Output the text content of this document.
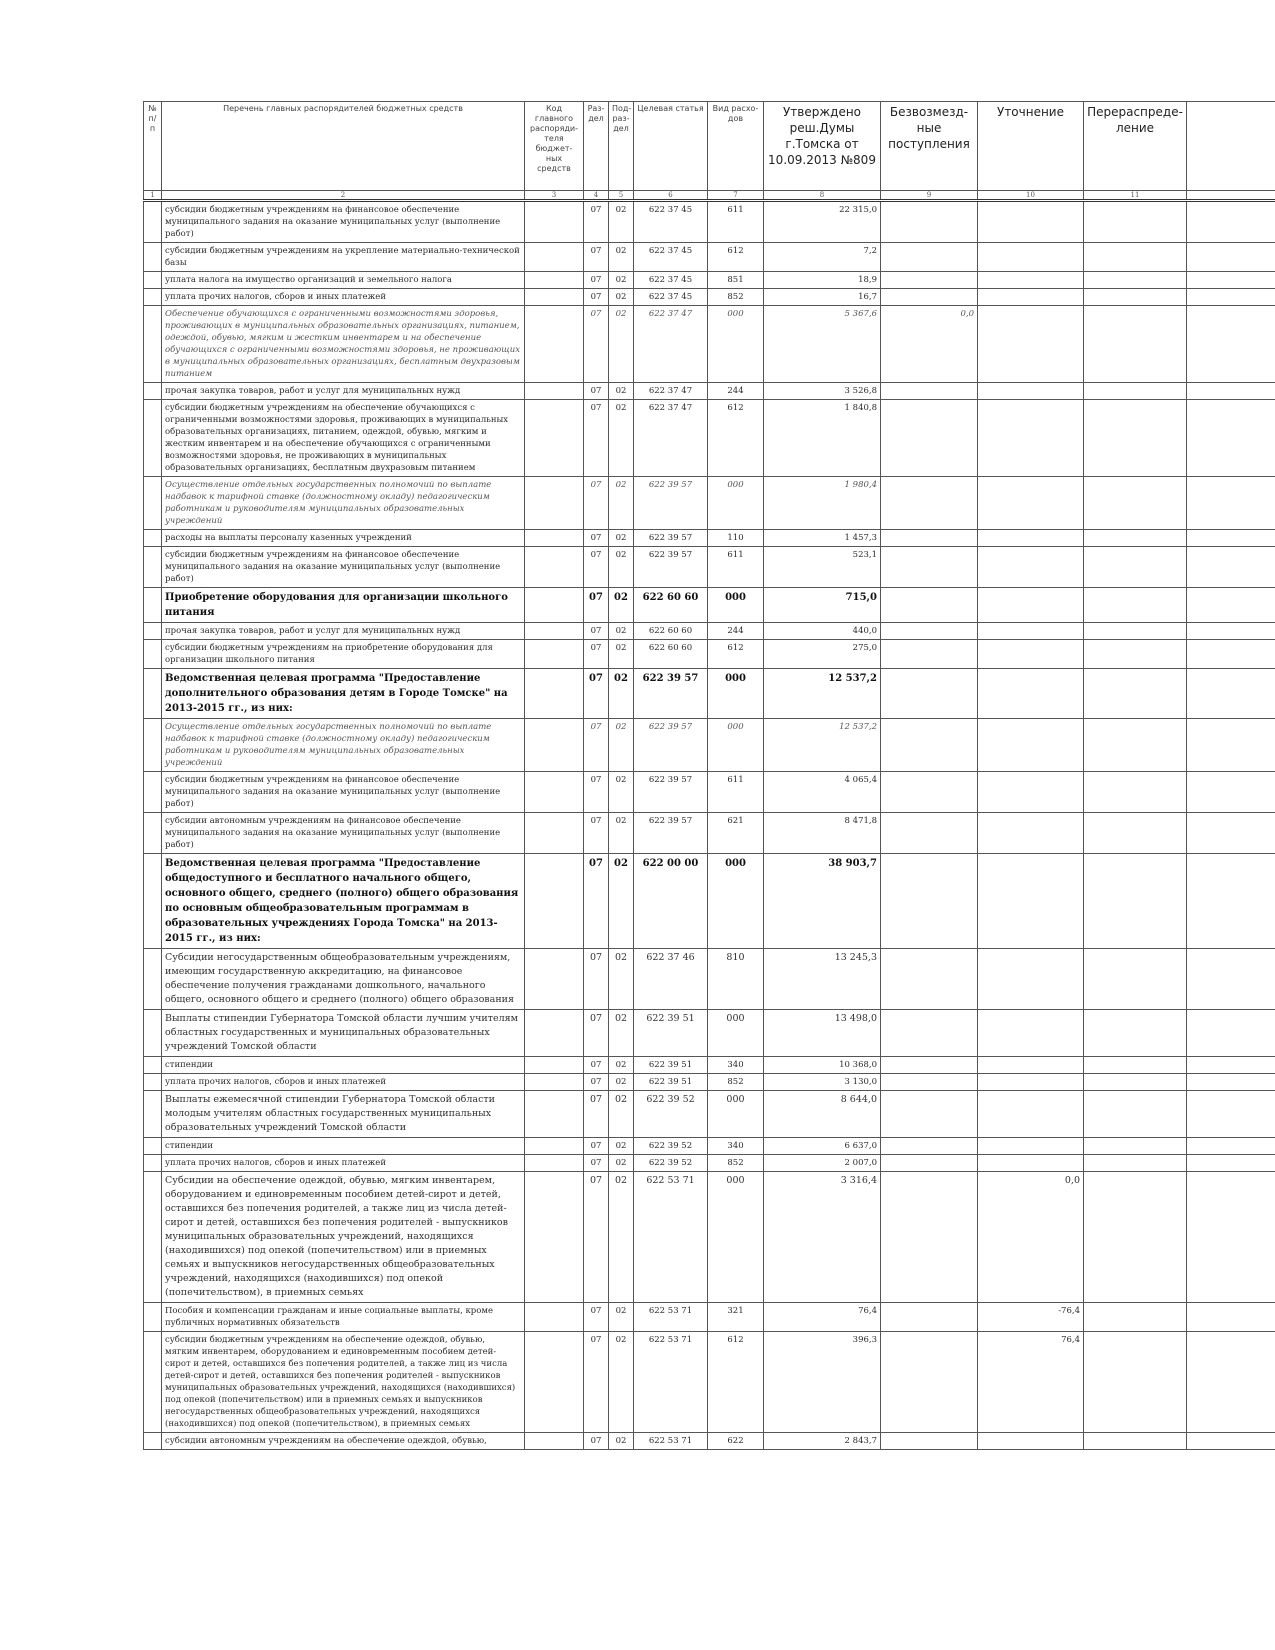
№ п/п	Перечень главных распорядителей бюджетных средств	Код главного распоряди-теля бюджет-ных средств	Раз-дел	Под-раз-дел	Целевая статья	Вид расхо-дов	Утверждено реш.Думы г.Томска от 10.09.2013 №809	Безвозмезд-ные поступления	Уточнение	Перераспреде-ление	
1	2	3	4	5	6	7	8	9	10	11	
	субсидии бюджетным учреждениям на финансовое обеспечение муниципального задания на оказание муниципальных услуг (выполнение работ)		07	02	622 37 45	611	22 315,0				
	субсидии бюджетным учреждениям на укрепление материально-технической базы		07	02	622 37 45	612	7,2				
	уплата налога на имущество организаций и земельного налога		07	02	622 37 45	851	18,9				
	уплата прочих налогов, сборов и иных платежей		07	02	622 37 45	852	16,7				
	Обеспечение обучающихся с ограниченными возможностями здоровья, проживающих в муниципальных образовательных организациях, питанием, одеждой, обувью, мягким и жестким инвентарем и на обеспечение обучающихся с ограниченными возможностями здоровья, не проживающих в муниципальных образовательных организациях, бесплатным двухразовым питанием		07	02	622 37 47	000	5 367,6	0,0			
	прочая закупка товаров, работ и услуг для муниципальных нужд		07	02	622 37 47	244	3 526,8				
	субсидии бюджетным учреждениям на обеспечение обучающихся с ограниченными возможностями здоровья, проживающих в муниципальных образовательных организациях, питанием, одеждой, обувью, мягким и жестким инвентарем и на обеспечение обучающихся с ограниченными возможностями здоровья, не проживающих в муниципальных образовательных организациях, бесплатным двухразовым питанием		07	02	622 37 47	612	1 840,8				
	Осуществление отдельных государственных полномочий по выплате надбавок к тарифной ставке (должностному окладу) педагогическим работникам и руководителям муниципальных образовательных учреждений		07	02	622 39 57	000	1 980,4				
	расходы на выплаты персоналу казенных учреждений		07	02	622 39 57	110	1 457,3				
	субсидии бюджетным учреждениям на финансовое обеспечение муниципального задания на оказание муниципальных услуг (выполнение работ)		07	02	622 39 57	611	523,1				
	Приобретение оборудования для организации школьного питания		07	02	622 60 60	000	715,0				
	прочая закупка товаров, работ и услуг для муниципальных нужд		07	02	622 60 60	244	440,0				
	субсидии бюджетным учреждениям на приобретение оборудования для организации школьного питания		07	02	622 60 60	612	275,0				
	Ведомственная целевая программа "Предоставление дополнительного образования детям в Городе Томске" на 2013-2015 гг., из них:		07	02	622 39 57	000	12 537,2				
	Осуществление отдельных государственных полномочий по выплате надбавок к тарифной ставке (должностному окладу) педагогическим работникам и руководителям муниципальных образовательных учреждений		07	02	622 39 57	000	12 537,2				
	субсидии бюджетным учреждениям на финансовое обеспечение муниципального задания на оказание муниципальных услуг (выполнение работ)		07	02	622 39 57	611	4 065,4				
	субсидии автономным учреждениям на финансовое обеспечение муниципального задания на оказание муниципальных услуг (выполнение работ)		07	02	622 39 57	621	8 471,8				
	Ведомственная целевая программа "Предоставление общедоступного и бесплатного начального общего, основного общего, среднего (полного) общего образования по основным общеобразовательным программам в образовательных учреждениях Города Томска" на 2013-2015 гг., из них:		07	02	622 00 00	000	38 903,7				
	Субсидии негосударственным общеобразовательным учреждениям, имеющим государственную аккредитацию, на финансовое обеспечение получения гражданами дошкольного, начального общего, основного общего и среднего (полного) общего образования		07	02	622 37 46	810	13 245,3				
	Выплаты стипендии Губернатора Томской области лучшим учителям областных государственных и муниципальных образовательных учреждений Томской области		07	02	622 39 51	000	13 498,0				
	стипендии		07	02	622 39 51	340	10 368,0				
	уплата прочих налогов, сборов и иных платежей		07	02	622 39 51	852	3 130,0				
	Выплаты ежемесячной стипендии Губернатора Томской области молодым учителям областных государственных муниципальных образовательных учреждений Томской области		07	02	622 39 52	000	8 644,0				
	стипендии		07	02	622 39 52	340	6 637,0				
	уплата прочих налогов, сборов и иных платежей		07	02	622 39 52	852	2 007,0				
	Субсидии на обеспечение одеждой, обувью, мягким инвентарем, оборудованием и единовременным пособием детей-сирот и детей, оставшихся без попечения родителей, а также лиц из числа детей-сирот и детей, оставшихся без попечения родителей - выпускников муниципальных образовательных учреждений, находящихся (находившихся) под опекой (попечительством) или в приемных семьях и выпускников негосударственных общеобразовательных учреждений, находящихся (находившихся) под опекой (попечительством), в приемных семьях		07	02	622 53 71	000	3 316,4		0,0		
	Пособия и компенсации гражданам и иные социальные выплаты, кроме публичных нормативных обязательств		07	02	622 53 71	321	76,4		-76,4		
	субсидии бюджетным учреждениям на обеспечение одеждой, обувью, мягким инвентарем, оборудованием и единовременным пособием детей-сирот и детей, оставшихся без попечения родителей, а также лиц из числа детей-сирот и детей, оставшихся без попечения родителей - выпускников муниципальных образовательных учреждений, находящихся (находившихся) под опекой (попечительством) или в приемных семьях и выпускников негосударственных общеобразовательных учреждений, находящихся (находившихся) под опекой (попечительством), в приемных семьях		07	02	622 53 71	612	396,3		76,4		
	субсидии автономным учреждениям на обеспечение одеждой, обувью,		07	02	622 53 71	622	2 843,7				
